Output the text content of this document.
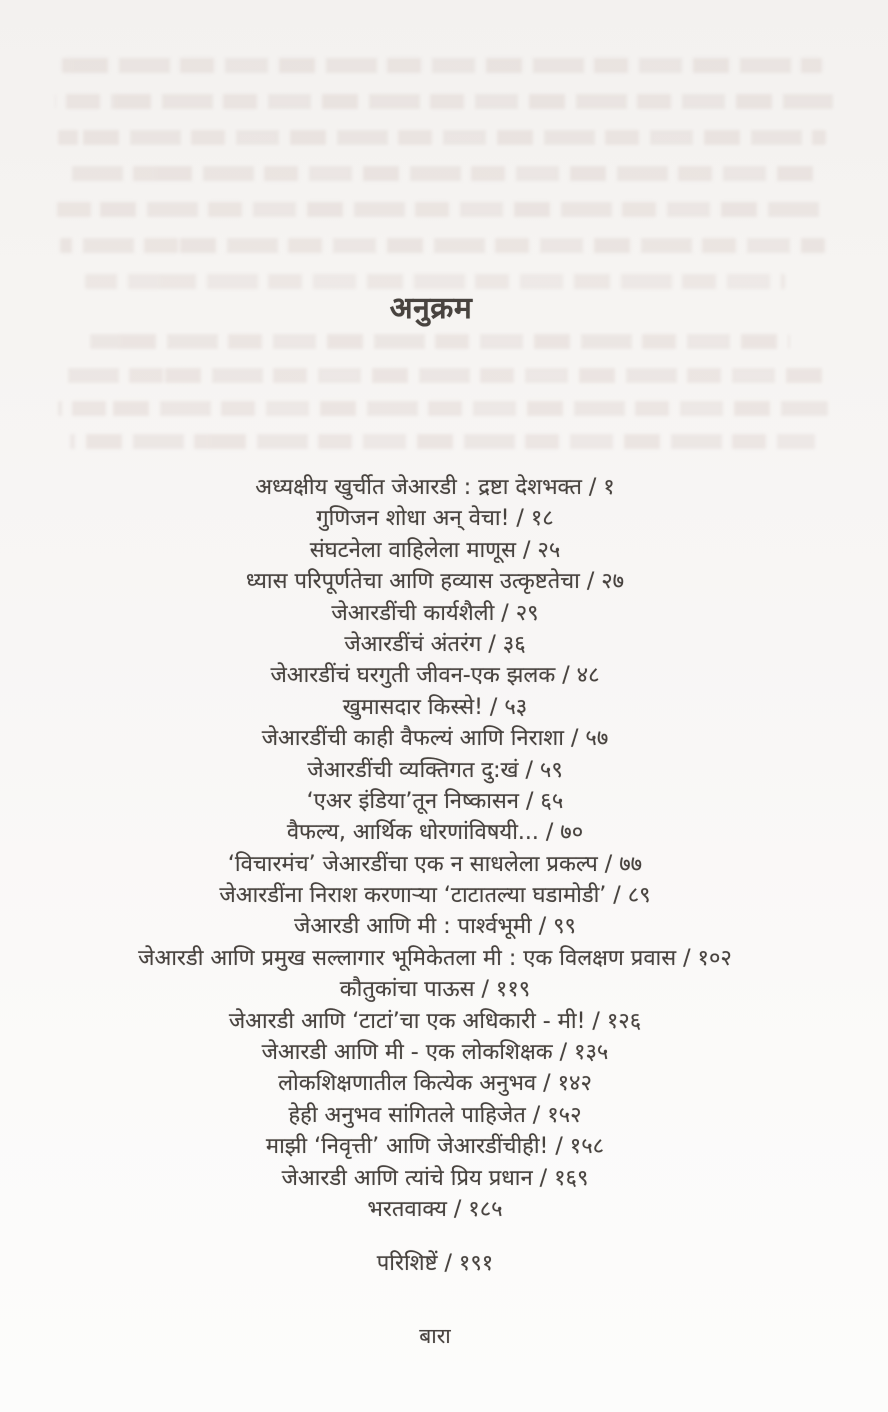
अनुक्रम
अध्यक्षीय खुर्चीत जेआरडी : द्रष्टा देशभक्त / १
गुणिजन शोधा अन् वेचा! / १८
संघटनेला वाहिलेला माणूस / २५
ध्यास परिपूर्णतेचा आणि हव्यास उत्कृष्टतेचा / २७
जेआरडींची कार्यशैली / २९
जेआरडींचं अंतरंग / ३६
जेआरडींचं घरगुती जीवन-एक झलक / ४८
खुमासदार किस्से! / ५३
जेआरडींची काही वैफल्यं आणि निराशा / ५७
जेआरडींची व्यक्तिगत दु:खं / ५९
‘एअर इंडिया’तून निष्कासन / ६५
वैफल्य, आर्थिक धोरणांविषयी... / ७०
‘विचारमंच’ जेआरडींचा एक न साधलेला प्रकल्प / ७७
जेआरडींना निराश करणाऱ्या ‘टाटातल्या घडामोडी’ / ८९
जेआरडी आणि मी : पार्श्वभूमी / ९९
जेआरडी आणि प्रमुख सल्लागार भूमिकेतला मी : एक विलक्षण प्रवास / १०२
कौतुकांचा पाऊस / ११९
जेआरडी आणि ‘टाटां’चा एक अधिकारी - मी! / १२६
जेआरडी आणि मी - एक लोकशिक्षक / १३५
लोकशिक्षणातील कित्येक अनुभव / १४२
हेही अनुभव सांगितले पाहिजेत / १५२
माझी ‘निवृत्ती’ आणि जेआरडींचीही! / १५८
जेआरडी आणि त्यांचे प्रिय प्रधान / १६९
भरतवाक्य / १८५
परिशिष्टें / १९१
बारा
